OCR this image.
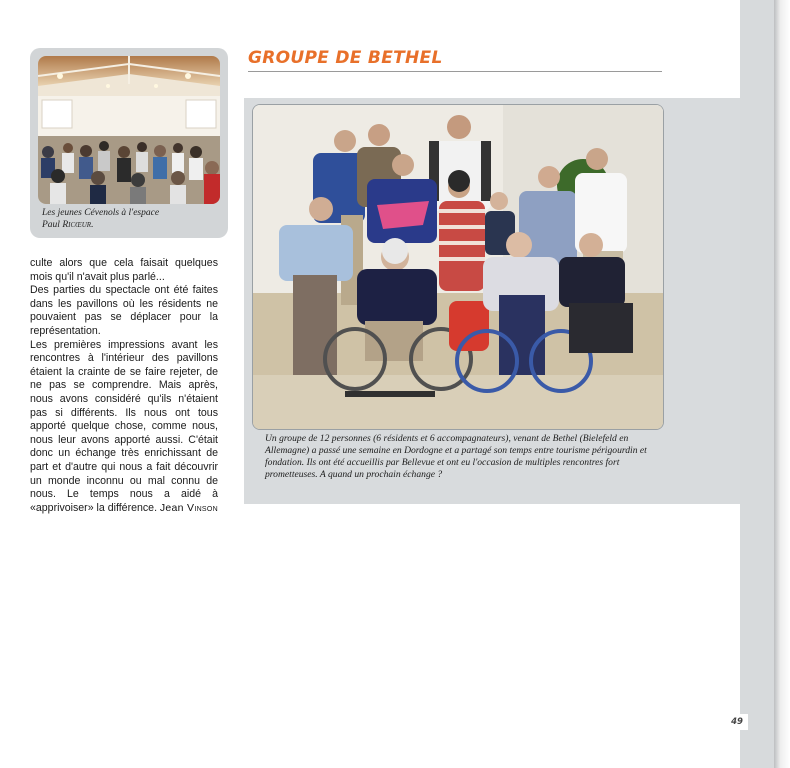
Les jeunes Cévenols à l'espace
Paul Ricœur.
GROUPE DE BETHEL

culte alors que cela faisait quelques mois qu'il n'avait plus parlé...

Des parties du spectacle ont été faites dans les pavillons où les résidents ne pouvaient pas se déplacer pour la représentation.

Les premières impressions avant les rencontres à l'intérieur des pavillons étaient la crainte de se faire rejeter, de ne pas se comprendre. Mais après, nous avons considéré qu'ils n'étaient pas si différents. Ils nous ont tous apporté quelque chose, comme nous, nous leur avons apporté aussi. C'était donc un échange très enrichissant de part et d'autre qui nous a fait découvrir un monde inconnu ou mal connu de nous. Le temps nous a aidé à «apprivoiser» la différence. Jean Vinson
Un groupe de 12 personnes (6 résidents et 6 accompagnateurs), venant de Bethel (Bielefeld en Allemagne) a passé une semaine en Dordogne et a partagé son temps entre tourisme périgourdin et fondation. Ils ont été accueillis par Bellevue et ont eu l'occasion de multiples rencontres fort prometteuses. A quand un prochain échange ?
49
